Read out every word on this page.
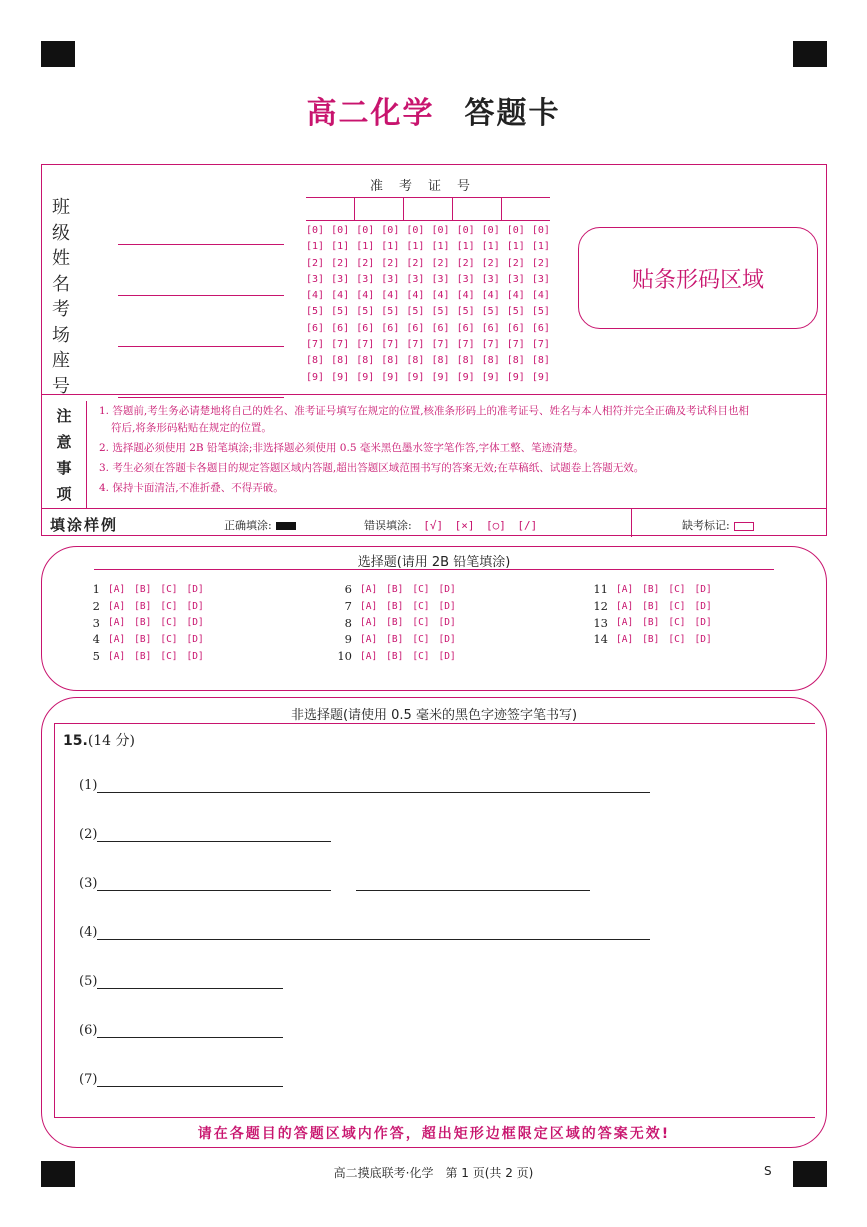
高二化学 答题卡
班级
姓名
考场
座号
准考证号
[0] [0] [0] [0] [0] [0] [0] [0] [0] [0]
[1] [1] [1] [1] [1] [1] [1] [1] [1] [1]
[2] [2] [2] [2] [2] [2] [2] [2] [2] [2]
[3] [3] [3] [3] [3] [3] [3] [3] [3] [3]
[4] [4] [4] [4] [4] [4] [4] [4] [4] [4]
[5] [5] [5] [5] [5] [5] [5] [5] [5] [5]
[6] [6] [6] [6] [6] [6] [6] [6] [6] [6]
[7] [7] [7] [7] [7] [7] [7] [7] [7] [7]
[8] [8] [8] [8] [8] [8] [8] [8] [8] [8]
[9] [9] [9] [9] [9] [9] [9] [9] [9] [9]
贴条形码区域
注
意
事
项

1. 答题前,考生务必请楚地将自己的姓名、准考证号填写在规定的位置,核准条形码上的准考证号、姓名与本人相符并完全正确及考试科目也相

符后,将条形码粘贴在规定的位置。

2. 选择题必须使用 2B 铅笔填涂;非选择题必须使用 0.5 毫米黑色墨水签字笔作答,字体工整、笔迹清楚。

3. 考生必须在答题卡各题目的规定答题区域内答题,超出答题区域范围书写的答案无效;在草稿纸、试题卷上答题无效。

4. 保持卡面清洁,不准折叠、不得弄破。

填涂样例	正确填涂:	错误填涂: [√] [×] [○] [/]	缺考标记:
选择题(请用 2B 铅笔填涂)
1 [A] [B] [C] [D]
2 [A] [B] [C] [D]
3 [A] [B] [C] [D]
4 [A] [B] [C] [D]
5 [A] [B] [C] [D]
6 [A] [B] [C] [D]
7 [A] [B] [C] [D]
8 [A] [B] [C] [D]
9 [A] [B] [C] [D]
10 [A] [B] [C] [D]
11 [A] [B] [C] [D]
12 [A] [B] [C] [D]
13 [A] [B] [C] [D]
14 [A] [B] [C] [D]
非选择题(请使用 0.5 毫米的黑色字迹签字笔书写)
15.(14 分)
(1)
(2)
(3)
(4)
(5)
(6)
(7)
请在各题目的答题区域内作答，超出矩形边框限定区域的答案无效!
高二摸底联考·化学　第 1 页(共 2 页)	S
